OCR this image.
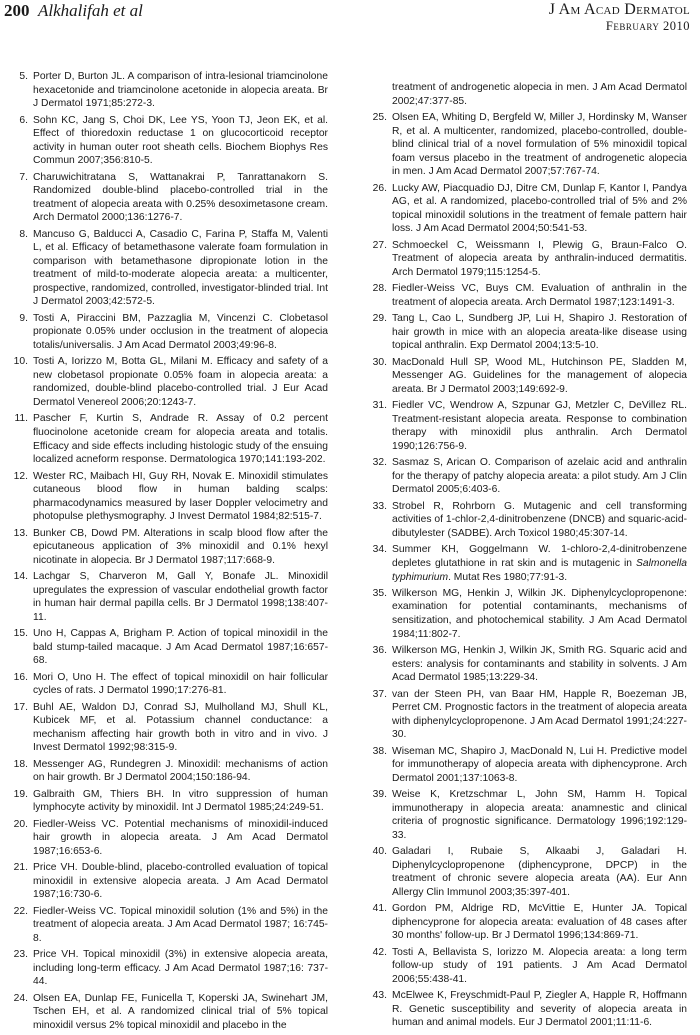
200 Alkhalifah et al	J Am Acad Dermatol
February 2010
5. Porter D, Burton JL. A comparison of intra-lesional triamcinolone hexacetonide and triamcinolone acetonide in alopecia areata. Br J Dermatol 1971;85:272-3.
6. Sohn KC, Jang S, Choi DK, Lee YS, Yoon TJ, Jeon EK, et al. Effect of thioredoxin reductase 1 on glucocorticoid receptor activity in human outer root sheath cells. Biochem Biophys Res Commun 2007;356:810-5.
7. Charuwichitratana S, Wattanakrai P, Tanrattanakorn S. Randomized double-blind placebo-controlled trial in the treatment of alopecia areata with 0.25% desoximetasone cream. Arch Dermatol 2000;136:1276-7.
8. Mancuso G, Balducci A, Casadio C, Farina P, Staffa M, Valenti L, et al. Efficacy of betamethasone valerate foam formulation in comparison with betamethasone dipropionate lotion in the treatment of mild-to-moderate alopecia areata: a multicenter, prospective, randomized, controlled, investigator-blinded trial. Int J Dermatol 2003;42:572-5.
9. Tosti A, Piraccini BM, Pazzaglia M, Vincenzi C. Clobetasol propionate 0.05% under occlusion in the treatment of alopecia totalis/universalis. J Am Acad Dermatol 2003;49:96-8.
10. Tosti A, Iorizzo M, Botta GL, Milani M. Efficacy and safety of a new clobetasol propionate 0.05% foam in alopecia areata: a randomized, double-blind placebo-controlled trial. J Eur Acad Dermatol Venereol 2006;20:1243-7.
11. Pascher F, Kurtin S, Andrade R. Assay of 0.2 percent fluocinolone acetonide cream for alopecia areata and totalis. Efficacy and side effects including histologic study of the ensuing localized acneform response. Dermatologica 1970;141:193-202.
12. Wester RC, Maibach HI, Guy RH, Novak E. Minoxidil stimulates cutaneous blood flow in human balding scalps: pharmacodynamics measured by laser Doppler velocimetry and photopulse plethysmography. J Invest Dermatol 1984;82:515-7.
13. Bunker CB, Dowd PM. Alterations in scalp blood flow after the epicutaneous application of 3% minoxidil and 0.1% hexyl nicotinate in alopecia. Br J Dermatol 1987;117:668-9.
14. Lachgar S, Charveron M, Gall Y, Bonafe JL. Minoxidil upregulates the expression of vascular endothelial growth factor in human hair dermal papilla cells. Br J Dermatol 1998;138:407-11.
15. Uno H, Cappas A, Brigham P. Action of topical minoxidil in the bald stump-tailed macaque. J Am Acad Dermatol 1987;16:657-68.
16. Mori O, Uno H. The effect of topical minoxidil on hair follicular cycles of rats. J Dermatol 1990;17:276-81.
17. Buhl AE, Waldon DJ, Conrad SJ, Mulholland MJ, Shull KL, Kubicek MF, et al. Potassium channel conductance: a mechanism affecting hair growth both in vitro and in vivo. J Invest Dermatol 1992;98:315-9.
18. Messenger AG, Rundegren J. Minoxidil: mechanisms of action on hair growth. Br J Dermatol 2004;150:186-94.
19. Galbraith GM, Thiers BH. In vitro suppression of human lymphocyte activity by minoxidil. Int J Dermatol 1985;24:249-51.
20. Fiedler-Weiss VC. Potential mechanisms of minoxidil-induced hair growth in alopecia areata. J Am Acad Dermatol 1987;16:653-6.
21. Price VH. Double-blind, placebo-controlled evaluation of topical minoxidil in extensive alopecia areata. J Am Acad Dermatol 1987;16:730-6.
22. Fiedler-Weiss VC. Topical minoxidil solution (1% and 5%) in the treatment of alopecia areata. J Am Acad Dermatol 1987; 16:745-8.
23. Price VH. Topical minoxidil (3%) in extensive alopecia areata, including long-term efficacy. J Am Acad Dermatol 1987;16: 737-44.
24. Olsen EA, Dunlap FE, Funicella T, Koperski JA, Swinehart JM, Tschen EH, et al. A randomized clinical trial of 5% topical minoxidil versus 2% topical minoxidil and placebo in the
treatment of androgenetic alopecia in men. J Am Acad Dermatol 2002;47:377-85.
25. Olsen EA, Whiting D, Bergfeld W, Miller J, Hordinsky M, Wanser R, et al. A multicenter, randomized, placebo-controlled, double-blind clinical trial of a novel formulation of 5% minoxidil topical foam versus placebo in the treatment of androgenetic alopecia in men. J Am Acad Dermatol 2007;57:767-74.
26. Lucky AW, Piacquadio DJ, Ditre CM, Dunlap F, Kantor I, Pandya AG, et al. A randomized, placebo-controlled trial of 5% and 2% topical minoxidil solutions in the treatment of female pattern hair loss. J Am Acad Dermatol 2004;50:541-53.
27. Schmoeckel C, Weissmann I, Plewig G, Braun-Falco O. Treatment of alopecia areata by anthralin-induced dermatitis. Arch Dermatol 1979;115:1254-5.
28. Fiedler-Weiss VC, Buys CM. Evaluation of anthralin in the treatment of alopecia areata. Arch Dermatol 1987;123:1491-3.
29. Tang L, Cao L, Sundberg JP, Lui H, Shapiro J. Restoration of hair growth in mice with an alopecia areata-like disease using topical anthralin. Exp Dermatol 2004;13:5-10.
30. MacDonald Hull SP, Wood ML, Hutchinson PE, Sladden M, Messenger AG. Guidelines for the management of alopecia areata. Br J Dermatol 2003;149:692-9.
31. Fiedler VC, Wendrow A, Szpunar GJ, Metzler C, DeVillez RL. Treatment-resistant alopecia areata. Response to combination therapy with minoxidil plus anthralin. Arch Dermatol 1990;126:756-9.
32. Sasmaz S, Arican O. Comparison of azelaic acid and anthralin for the therapy of patchy alopecia areata: a pilot study. Am J Clin Dermatol 2005;6:403-6.
33. Strobel R, Rohrborn G. Mutagenic and cell transforming activities of 1-chlor-2,4-dinitrobenzene (DNCB) and squaric-acid-dibutylester (SADBE). Arch Toxicol 1980;45:307-14.
34. Summer KH, Goggelmann W. 1-chloro-2,4-dinitrobenzene depletes glutathione in rat skin and is mutagenic in Salmonella typhimurium. Mutat Res 1980;77:91-3.
35. Wilkerson MG, Henkin J, Wilkin JK. Diphenylcyclopropenone: examination for potential contaminants, mechanisms of sensitization, and photochemical stability. J Am Acad Dermatol 1984;11:802-7.
36. Wilkerson MG, Henkin J, Wilkin JK, Smith RG. Squaric acid and esters: analysis for contaminants and stability in solvents. J Am Acad Dermatol 1985;13:229-34.
37. van der Steen PH, van Baar HM, Happle R, Boezeman JB, Perret CM. Prognostic factors in the treatment of alopecia areata with diphenylcyclopropenone. J Am Acad Dermatol 1991;24:227-30.
38. Wiseman MC, Shapiro J, MacDonald N, Lui H. Predictive model for immunotherapy of alopecia areata with diphencyprone. Arch Dermatol 2001;137:1063-8.
39. Weise K, Kretzschmar L, John SM, Hamm H. Topical immunotherapy in alopecia areata: anamnestic and clinical criteria of prognostic significance. Dermatology 1996;192:129-33.
40. Galadari I, Rubaie S, Alkaabi J, Galadari H. Diphenylcyclopropenone (diphencyprone, DPCP) in the treatment of chronic severe alopecia areata (AA). Eur Ann Allergy Clin Immunol 2003;35:397-401.
41. Gordon PM, Aldrige RD, McVittie E, Hunter JA. Topical diphencyprone for alopecia areata: evaluation of 48 cases after 30 months' follow-up. Br J Dermatol 1996;134:869-71.
42. Tosti A, Bellavista S, Iorizzo M. Alopecia areata: a long term follow-up study of 191 patients. J Am Acad Dermatol 2006;55:438-41.
43. McElwee K, Freyschmidt-Paul P, Ziegler A, Happle R, Hoffmann R. Genetic susceptibility and severity of alopecia areata in human and animal models. Eur J Dermatol 2001;11:11-6.
